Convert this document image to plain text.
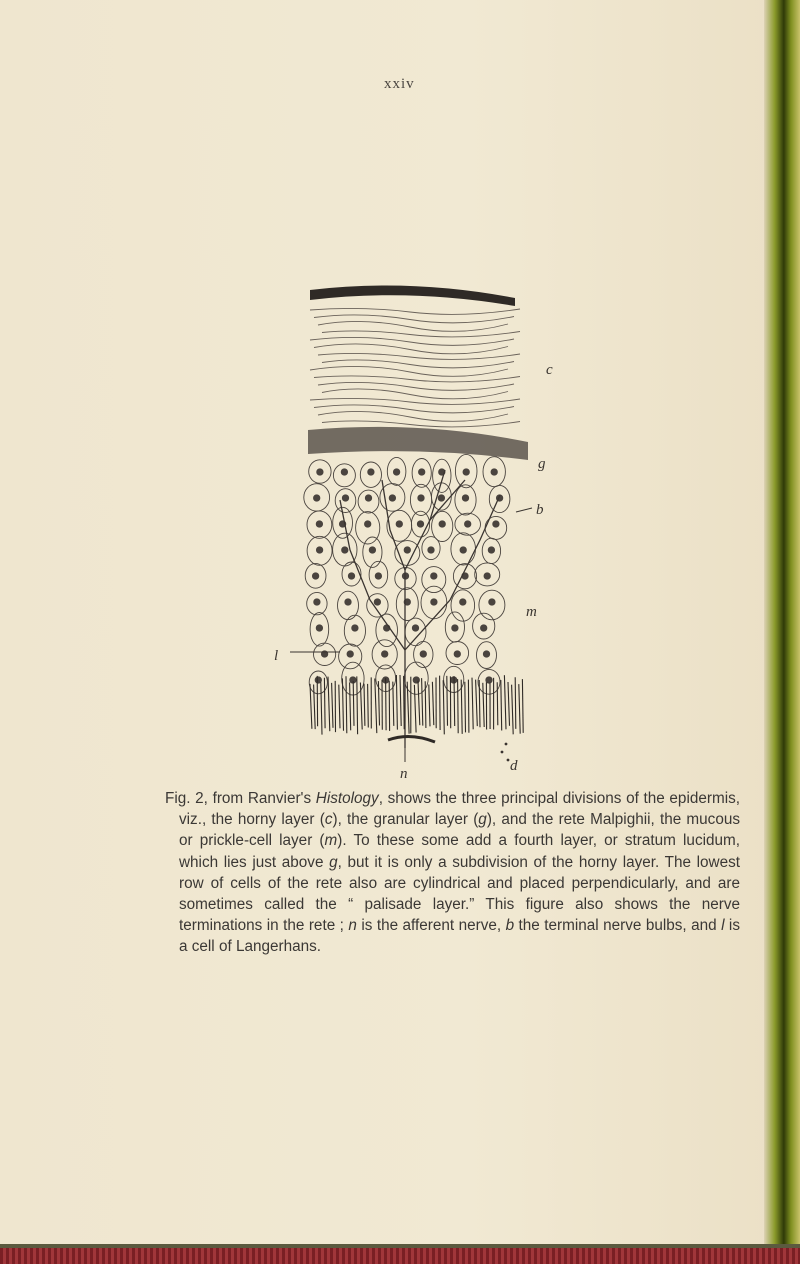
xxiv
c
g
b
m
l
n	d

Fig. 2, from Ranvier's Histology, shows the three principal divisions of the epidermis, viz., the horny layer (c), the granular layer (g), and the rete Malpighii, the mucous or prickle-cell layer (m). To these some add a fourth layer, or stratum lucidum, which lies just above g, but it is only a subdivision of the horny layer. The lowest row of cells of the rete also are cylindrical and placed perpendicularly, and are sometimes called the “ palisade layer.” This figure also shows the nerve terminations in the rete ; n is the afferent nerve, b the terminal nerve bulbs, and l is a cell of Langerhans.
